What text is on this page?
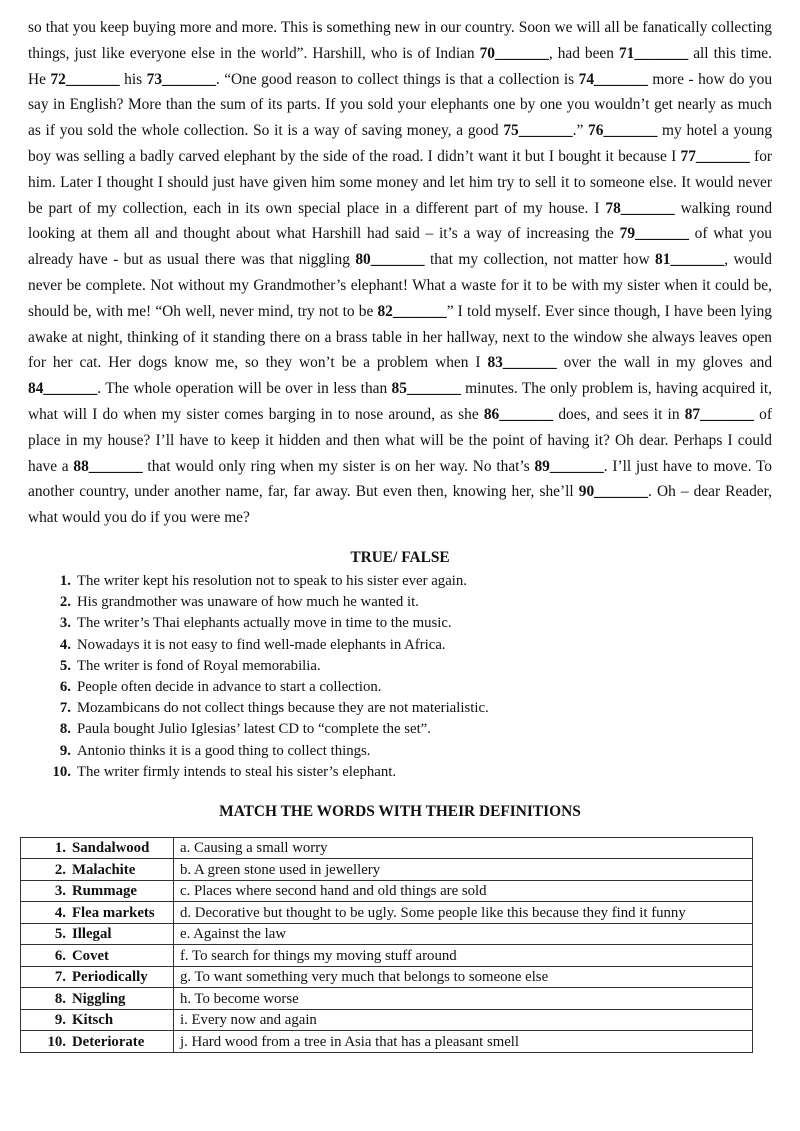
so that you keep buying more and more. This is something new in our country. Soon we will all be fanatically collecting things, just like everyone else in the world”. Harshill, who is of Indian 70_______, had been 71_______ all this time. He 72_______ his 73_______. “One good reason to collect things is that a collection is 74_______ more - how do you say in English? More than the sum of its parts. If you sold your elephants one by one you wouldn’t get nearly as much as if you sold the whole collection. So it is a way of saving money, a good 75_______.” 76_______ my hotel a young boy was selling a badly carved elephant by the side of the road. I didn’t want it but I bought it because I 77_______ for him. Later I thought I should just have given him some money and let him try to sell it to someone else. It would never be part of my collection, each in its own special place in a different part of my house. I 78_______ walking round looking at them all and thought about what Harshill had said – it’s a way of increasing the 79_______ of what you already have - but as usual there was that niggling 80_______ that my collection, not matter how 81_______, would never be complete. Not without my Grandmother’s elephant! What a waste for it to be with my sister when it could be, should be, with me! “Oh well, never mind, try not to be 82_______” I told myself. Ever since though, I have been lying awake at night, thinking of it standing there on a brass table in her hallway, next to the window she always leaves open for her cat. Her dogs know me, so they won’t be a problem when I 83_______ over the wall in my gloves and 84_______. The whole operation will be over in less than 85_______ minutes. The only problem is, having acquired it, what will I do when my sister comes barging in to nose around, as she 86_______ does, and sees it in 87_______ of place in my house? I’ll have to keep it hidden and then what will be the point of having it? Oh dear. Perhaps I could have a 88_______ that would only ring when my sister is on her way. No that’s 89_______. I’ll just have to move. To another country, under another name, far, far away. But even then, knowing her, she’ll 90_______. Oh – dear Reader, what would you do if you were me?

TRUE/ FALSE
1. The writer kept his resolution not to speak to his sister ever again.
2. His grandmother was unaware of how much he wanted it.
3. The writer’s Thai elephants actually move in time to the music.
4. Nowadays it is not easy to find well-made elephants in Africa.
5. The writer is fond of Royal memorabilia.
6. People often decide in advance to start a collection.
7. Mozambicans do not collect things because they are not materialistic.
8. Paula bought Julio Iglesias’ latest CD to “complete the set”.
9. Antonio thinks it is a good thing to collect things.
10. The writer firmly intends to steal his sister’s elephant.
MATCH THE WORDS WITH THEIR DEFINITIONS
1. Sandalwood	a. Causing a small worry
2. Malachite	b. A green stone used in jewellery
3. Rummage	c. Places where second hand and old things are sold
4. Flea markets	d. Decorative but thought to be ugly. Some people like this because they find it funny
5. Illegal	e. Against the law
6. Covet	f. To search for things my moving stuff around
7. Periodically	g. To want something very much that belongs to someone else
8. Niggling	h. To become worse
9. Kitsch	i. Every now and again
10. Deteriorate	j. Hard wood from a tree in Asia that has a pleasant smell
